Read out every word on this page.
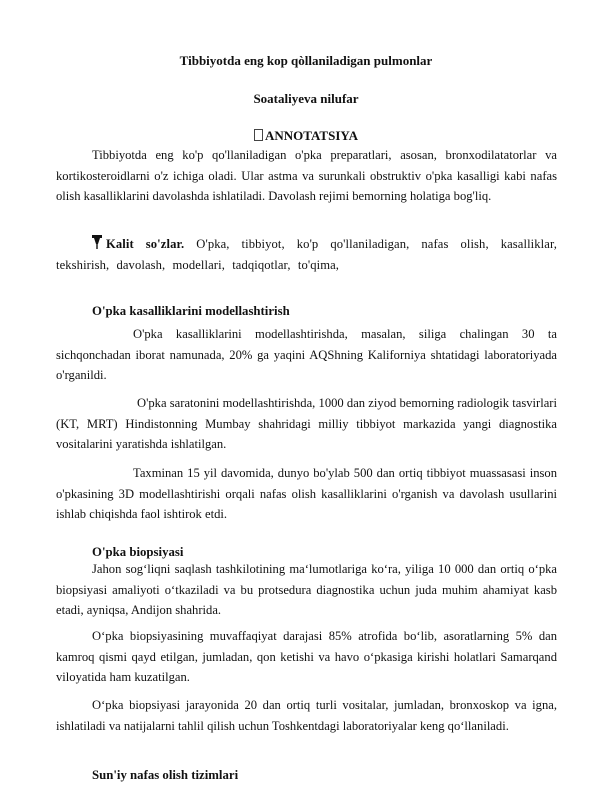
Tibbiyotda eng kop qòllaniladigan pulmonlar

Soataliyeva nilufar

ANNOTATSIYA

Tibbiyotda eng ko'p qo'llaniladigan o'pka preparatlari, asosan, bronxodilatatorlar va kortikosteroidlarni o'z ichiga oladi. Ular astma va surunkali obstruktiv o'pka kasalligi kabi nafas olish kasalliklarini davolashda ishlatiladi. Davolash rejimi bemorning holatiga bog'liq.

Kalit so'zlar. O'pka, tibbiyot, ko'p qo'llaniladigan, nafas olish, kasalliklar, tekshirish, davolash, modellari, tadqiqotlar, to'qima,

O'pka kasalliklarini modellashtirish

O'pka kasalliklarini modellashtirishda, masalan, siliga chalingan 30 ta sichqonchadan iborat namunada, 20% ga yaqini AQShning Kaliforniya shtatidagi laboratoriyada o'rganildi.

O'pka saratonini modellashtirishda, 1000 dan ziyod bemorning radiologik tasvirlari (KT, MRT) Hindistonning Mumbay shahridagi milliy tibbiyot markazida yangi diagnostika vositalarini yaratishda ishlatilgan.

Taxminan 15 yil davomida, dunyo bo'ylab 500 dan ortiq tibbiyot muassasasi inson o'pkasining 3D modellashtirishi orqali nafas olish kasalliklarini o'rganish va davolash usullarini ishlab chiqishda faol ishtirok etdi.

O'pka biopsiyasi

Jahon sog‘liqni saqlash tashkilotining ma‘lumotlariga ko‘ra, yiliga 10 000 dan ortiq o‘pka biopsiyasi amaliyoti o‘tkaziladi va bu protsedura diagnostika uchun juda muhim ahamiyat kasb etadi, ayniqsa, Andijon shahrida.

O‘pka biopsiyasining muvaffaqiyat darajasi 85% atrofida bo‘lib, asoratlarning 5% dan kamroq qismi qayd etilgan, jumladan, qon ketishi va havo o‘pkasiga kirishi holatlari Samarqand viloyatida ham kuzatilgan.

O‘pka biopsiyasi jarayonida 20 dan ortiq turli vositalar, jumladan, bronxoskop va igna, ishlatiladi va natijalarni tahlil qilish uchun Toshkentdagi laboratoriyalar keng qo‘llaniladi.

Sun'iy nafas olish tizimlari
